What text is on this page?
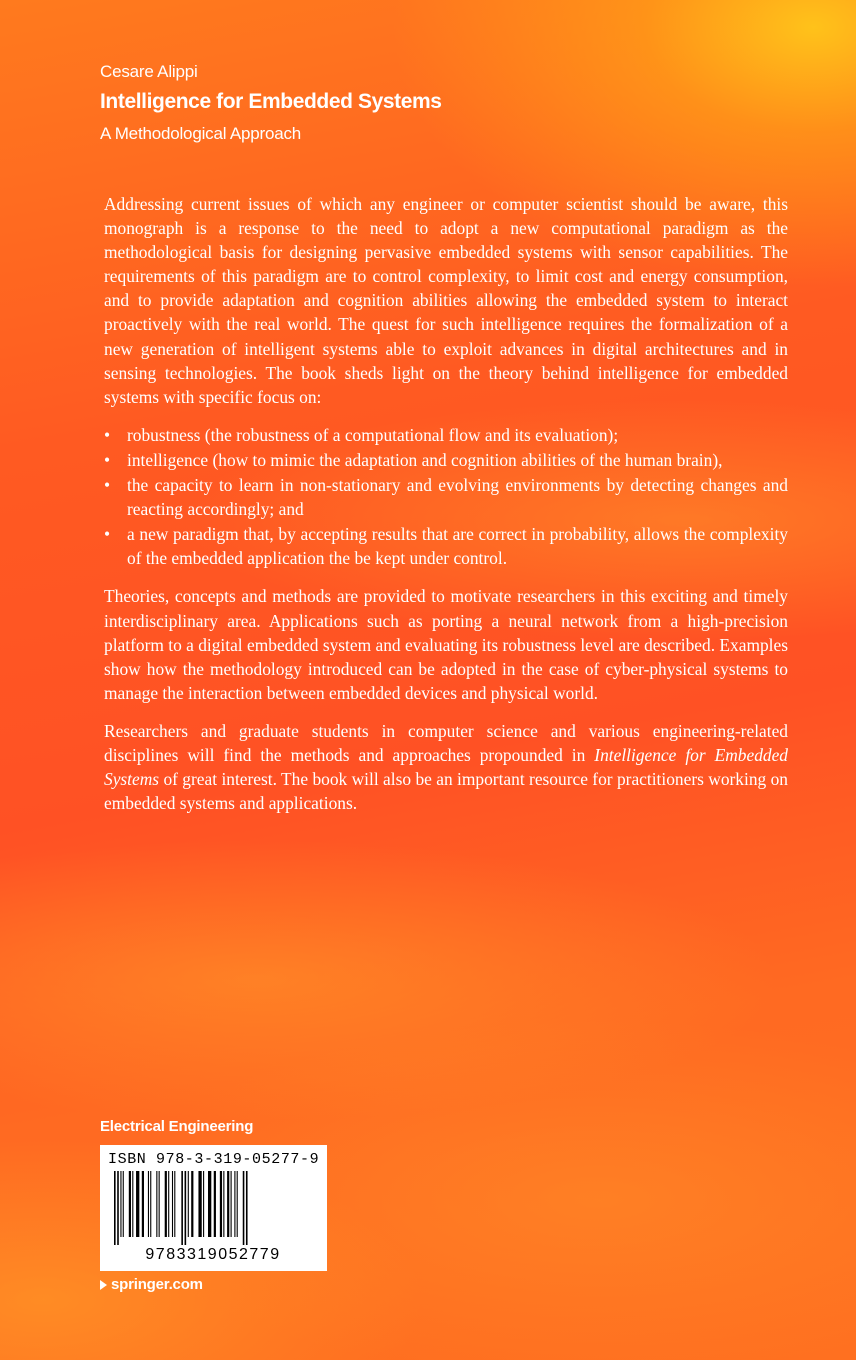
Cesare Alippi
Intelligence for Embedded Systems
A Methodological Approach

Addressing current issues of which any engineer or computer scientist should be aware, this monograph is a response to the need to adopt a new computational paradigm as the methodological basis for designing pervasive embedded systems with sensor capabilities. The requirements of this paradigm are to control complexity, to limit cost and energy consumption, and to provide adaptation and cognition abilities allowing the embedded system to interact proactively with the real world. The quest for such intelligence requires the formalization of a new generation of intelligent systems able to exploit advances in digital architectures and in sensing technologies. The book sheds light on the theory behind intelligence for embedded systems with specific focus on:

• robustness (the robustness of a computational flow and its evaluation);
• intelligence (how to mimic the adaptation and cognition abilities of the human brain),
• the capacity to learn in non-stationary and evolving environments by detecting changes and reacting accordingly; and
• a new paradigm that, by accepting results that are correct in probability, allows the complexity of the embedded application the be kept under control.

Theories, concepts and methods are provided to motivate researchers in this exciting and timely interdisciplinary area. Applications such as porting a neural network from a high-precision platform to a digital embedded system and evaluating its robustness level are described. Examples show how the methodology introduced can be adopted in the case of cyber-physical systems to manage the interaction between embedded devices and physical world.

Researchers and graduate students in computer science and various engineering-related disciplines will find the methods and approaches propounded in Intelligence for Embedded Systems of great interest. The book will also be an important resource for practitioners working on embedded systems and applications.

Electrical Engineering
ISBN 978-3-319-05277-9
9783319052779
springer.com
